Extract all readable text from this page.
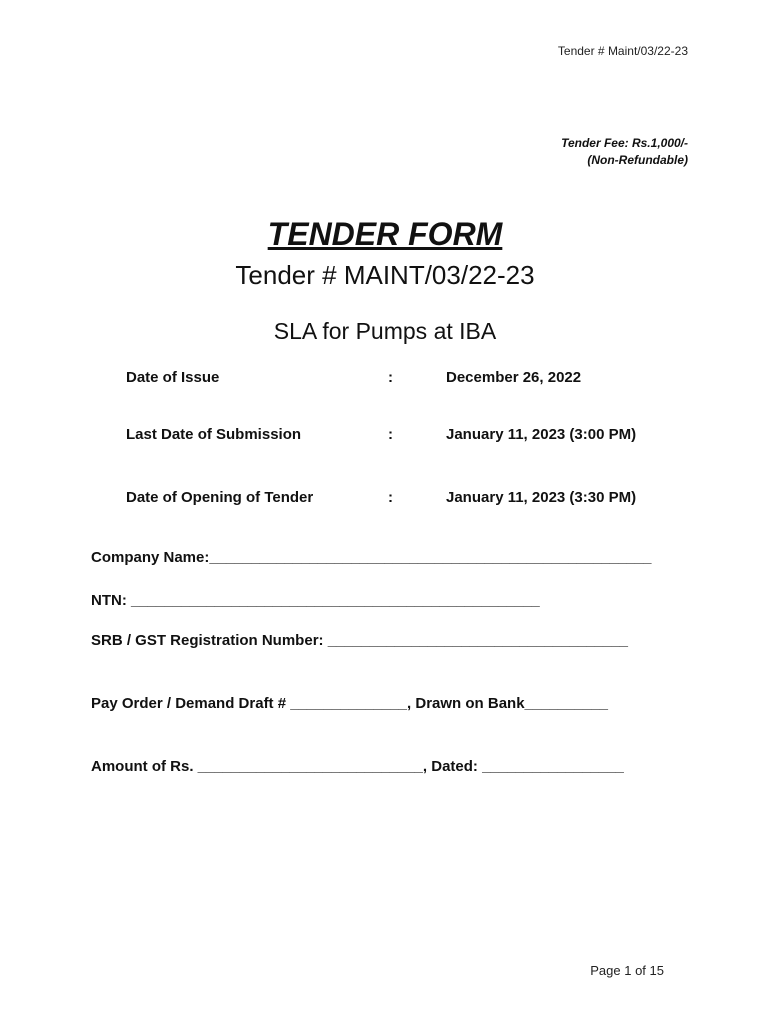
Tender # Maint/03/22-23
Tender Fee: Rs.1,000/-
(Non-Refundable)
TENDER FORM
Tender # MAINT/03/22-23
SLA for Pumps at IBA
Date of Issue	:	December 26, 2022
Last Date of Submission	:	January 11, 2023 (3:00 PM)
Date of Opening of Tender	:	January 11, 2023 (3:30 PM)
Company Name:_____________________________________________________
NTN: _________________________________________________
SRB / GST Registration Number: ____________________________________
Pay Order / Demand Draft # ______________, Drawn on Bank__________
Amount of Rs. ___________________________, Dated: _________________
Page 1 of 15
